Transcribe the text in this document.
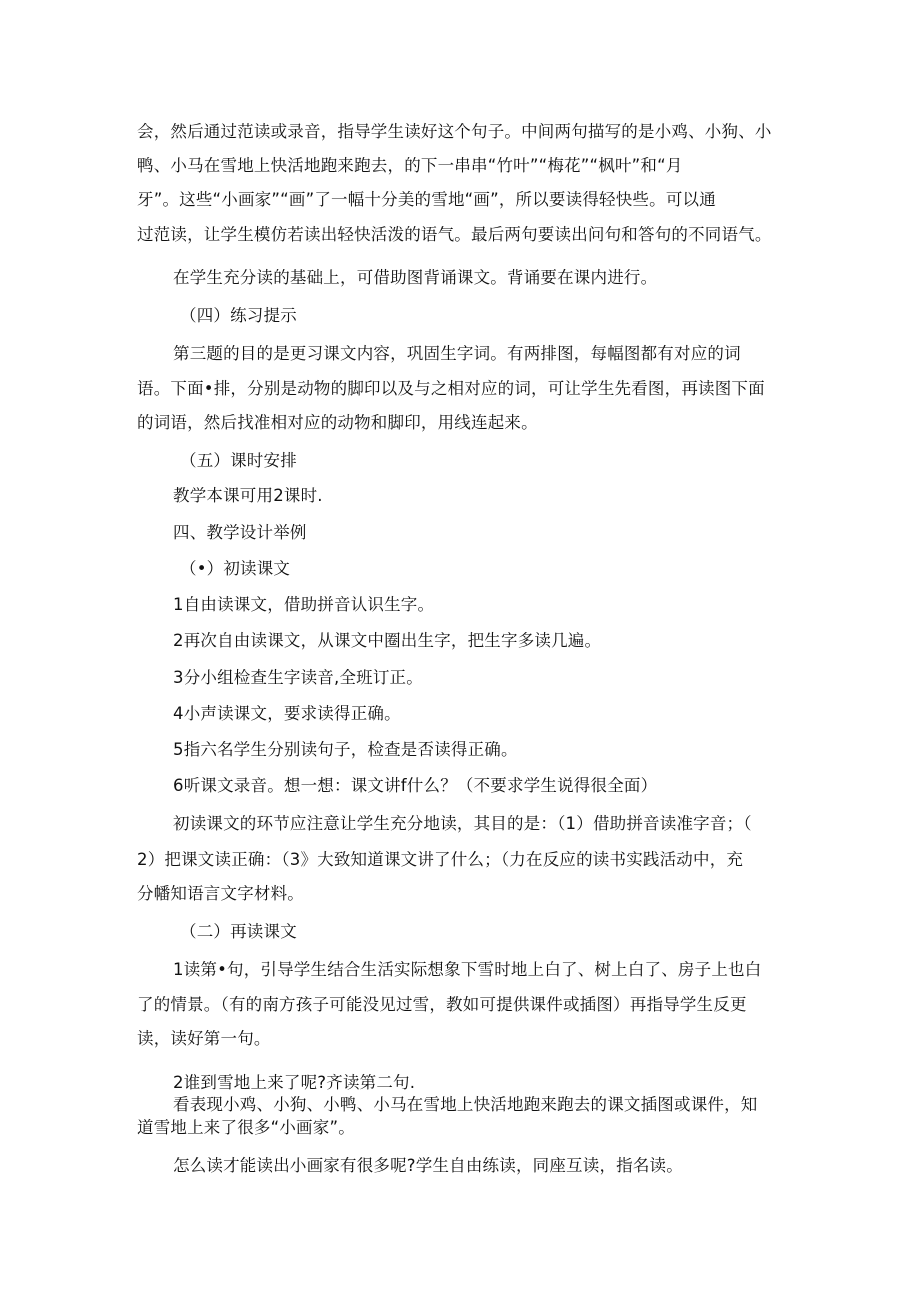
会，然后通过范读或录音，指导学生读好这个句子。中间两句描写的是小鸡、小狗、小

鸭、小马在雪地上快活地跑来跑去，的下一串串“竹叶”“梅花”“枫叶”和“月

牙”。这些“小画家”“画”了一幅十分美的雪地“画”，所以要读得轻快些。可以通

过范读，让学生模仿若读出轻快活泼的语气。最后两句要读出问句和答句的不同语气。

在学生充分读的基础上，可借助图背诵课文。背诵要在课内进行。

（四）练习提示

第三题的目的是更习课文内容，巩固生字词。有两排图，每幅图都有对应的词

语。下面•排，分别是动物的脚印以及与之相对应的词，可让学生先看图，再读图下面

的词语，然后找准相对应的动物和脚印，用线连起来。

（五）课时安排

教学本课可用2课时.

四、教学设计举例

（•）初读课文

1自由读课文，借助拼音认识生字。

2再次自由读课文，从课文中圈出生字，把生字多读几遍。

3分小组检查生字读音,全班订正。

4小声读课文，要求读得正确。

5指六名学生分别读句子，检查是否读得正确。

6听课文录音。想一想：课文讲f什么？（不要求学生说得很全面）

初读课文的环节应注意让学生充分地读，其目的是：（1）借助拼音读准字音；（

2）把课文读正确：（3》大致知道课文讲了什么；（力在反应的读书实践活动中，充

分幡知语言文字材料。

（二）再读课文

1读第•句，引导学生结合生活实际想象下雪时地上白了、树上白了、房子上也白

了的情景。（有的南方孩子可能没见过雪，教如可提供课件或插图）再指导学生反更

读，读好第一句。

2谁到雪地上来了呢?齐读第二句.

看表现小鸡、小狗、小鸭、小马在雪地上快活地跑来跑去的课文插图或课件，知

道雪地上来了很多“小画家”。

怎么读才能读出小画家有很多呢?学生自由练读，同座互读，指名读。
